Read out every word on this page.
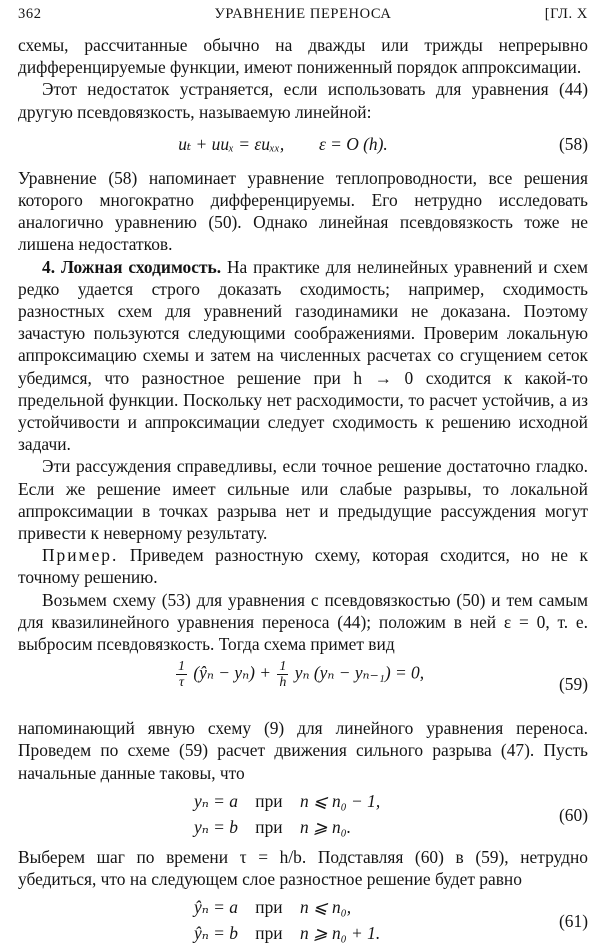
362	УРАВНЕНИЕ ПЕРЕНОСА	[ГЛ. X

схемы, рассчитанные обычно на дважды или трижды непрерывно дифференцируемые функции, имеют пониженный порядок аппроксимации.

Этот недостаток устраняется, если использовать для уравнения (44) другую псевдовязкость, называемую линейной:

uₜ + uuₓ = εuₓₓ,    ε = O (h).	(58)

Уравнение (58) напоминает уравнение теплопроводности, все решения которого многократно дифференцируемы. Его нетрудно исследовать аналогично уравнению (50). Однако линейная псевдовязкость тоже не лишена недостатков.

4. Ложная сходимость. На практике для нелинейных уравнений и схем редко удается строго доказать сходимость; например, сходимость разностных схем для уравнений газодинамики не доказана. Поэтому зачастую пользуются следующими соображениями. Проверим локальную аппроксимацию схемы и затем на численных расчетах со сгущением сеток убедимся, что разностное решение при h → 0 сходится к какой-то предельной функции. Поскольку нет расходимости, то расчет устойчив, а из устойчивости и аппроксимации следует сходимость к решению исходной задачи.

Эти рассуждения справедливы, если точное решение достаточно гладко. Если же решение имеет сильные или слабые разрывы, то локальной аппроксимации в точках разрыва нет и предыдущие рассуждения могут привести к неверному результату.

Пример. Приведем разностную схему, которая сходится, но не к точному решению.

Возьмем схему (53) для уравнения с псевдовязкостью (50) и тем самым для квазилинейного уравнения переноса (44); положим в ней ε = 0, т. е. выбросим псевдовязкость. Тогда схема примет вид

$\frac{1}{\tau}$ (ŷₙ − $y_n) + \frac{1}{h}$ yₙ (yₙ − yₙ₋₁) = 0,
(59)

напоминающий явную схему (9) для линейного уравнения переноса. Проведем по схеме (59) расчет движения сильного разрыва (47). Пусть начальные данные таковы, что

yₙ = a  при  n ⩽ n₀ − 1,
yₙ = b  при  n ⩾ n₀.
(60)

Выберем шаг по времени τ = h/b. Подставляя (60) в (59), нетрудно убедиться, что на следующем слое разностное решение будет равно

ŷₙ = a  при  n ⩽ n₀,
ŷₙ = b  при  n ⩾ n₀ + 1.
(61)
